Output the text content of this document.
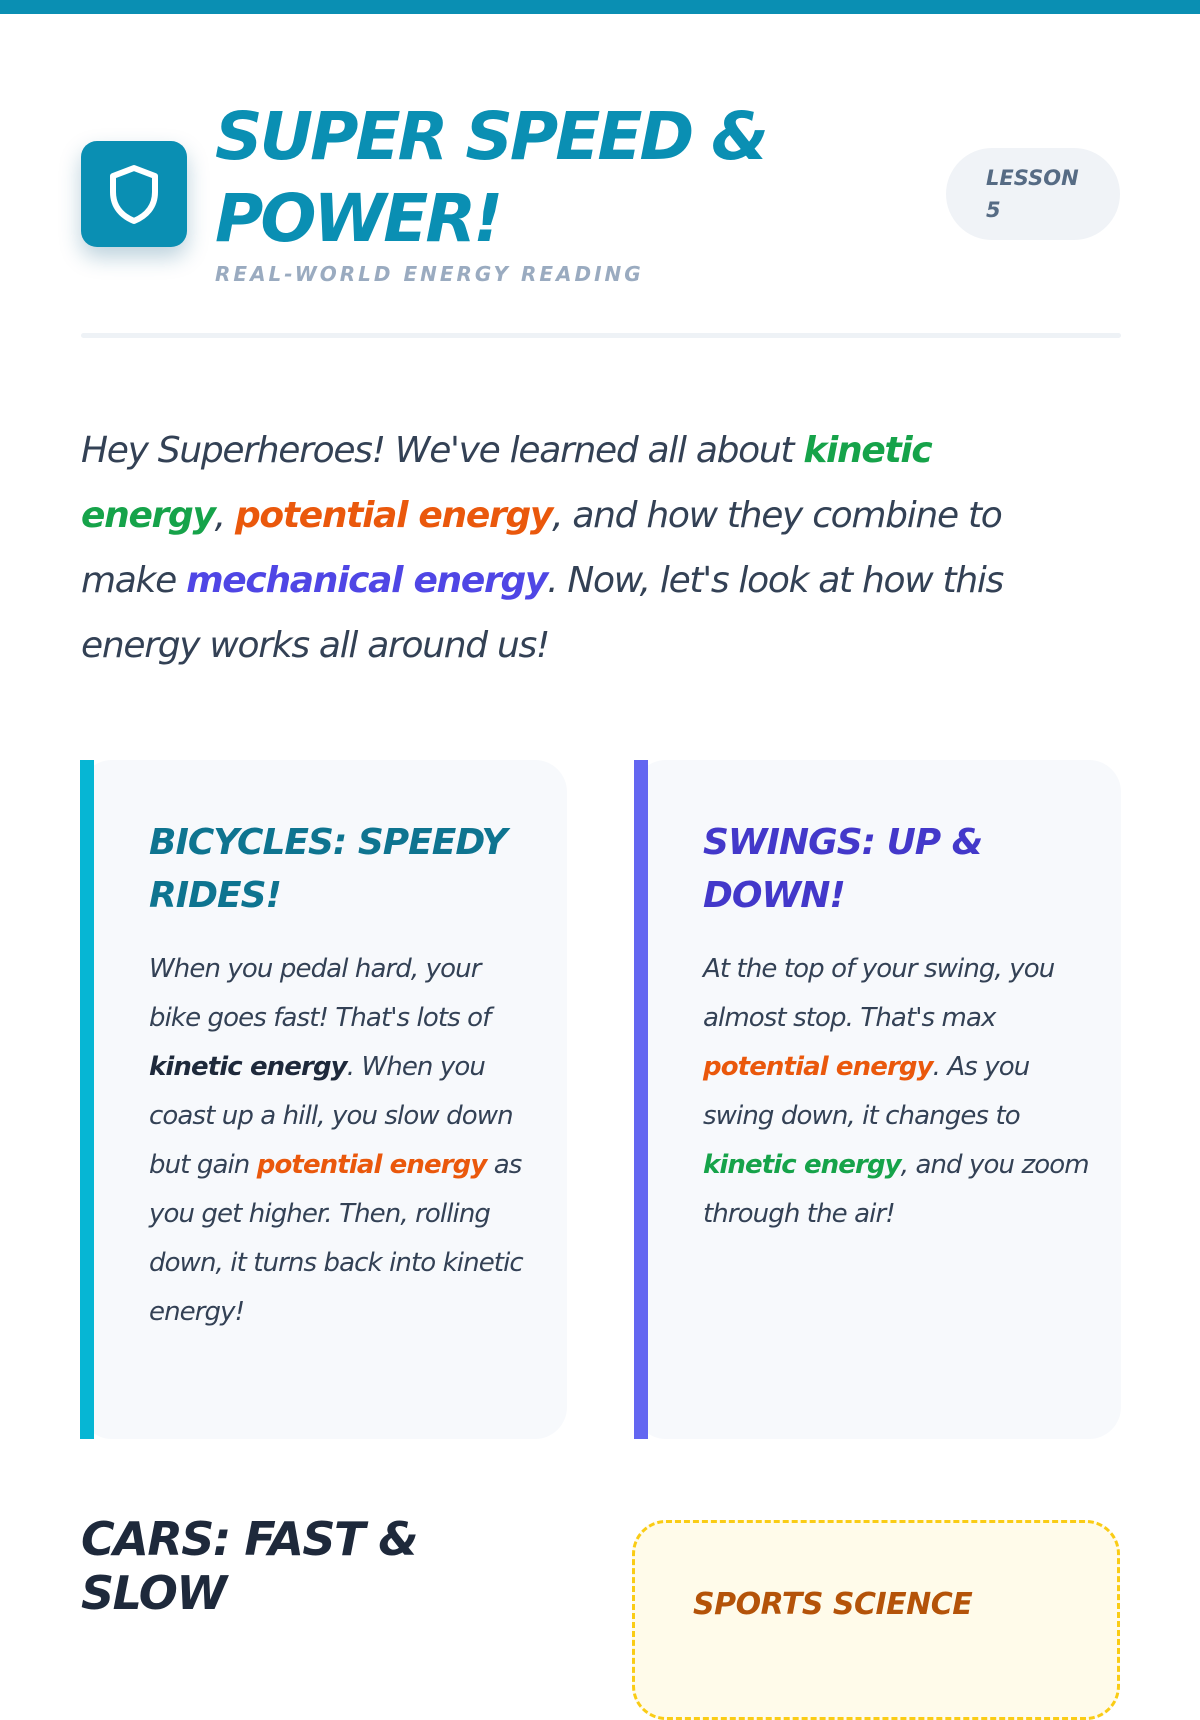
SUPER SPEED & POWER!
REAL-WORLD ENERGY READING
LESSON
5

Hey Superheroes! We've learned all about kinetic energy, potential energy, and how they combine to make mechanical energy. Now, let's look at how this energy works all around us!

BICYCLES: SPEEDY RIDES!

When you pedal hard, your bike goes fast! That's lots of kinetic energy. When you coast up a hill, you slow down but gain potential energy as you get higher. Then, rolling down, it turns back into kinetic energy!

SWINGS: UP & DOWN!

At the top of your swing, you almost stop. That's max potential energy. As you swing down, it changes to kinetic energy, and you zoom through the air!

CARS: FAST & SLOW	SPORTS SCIENCE
